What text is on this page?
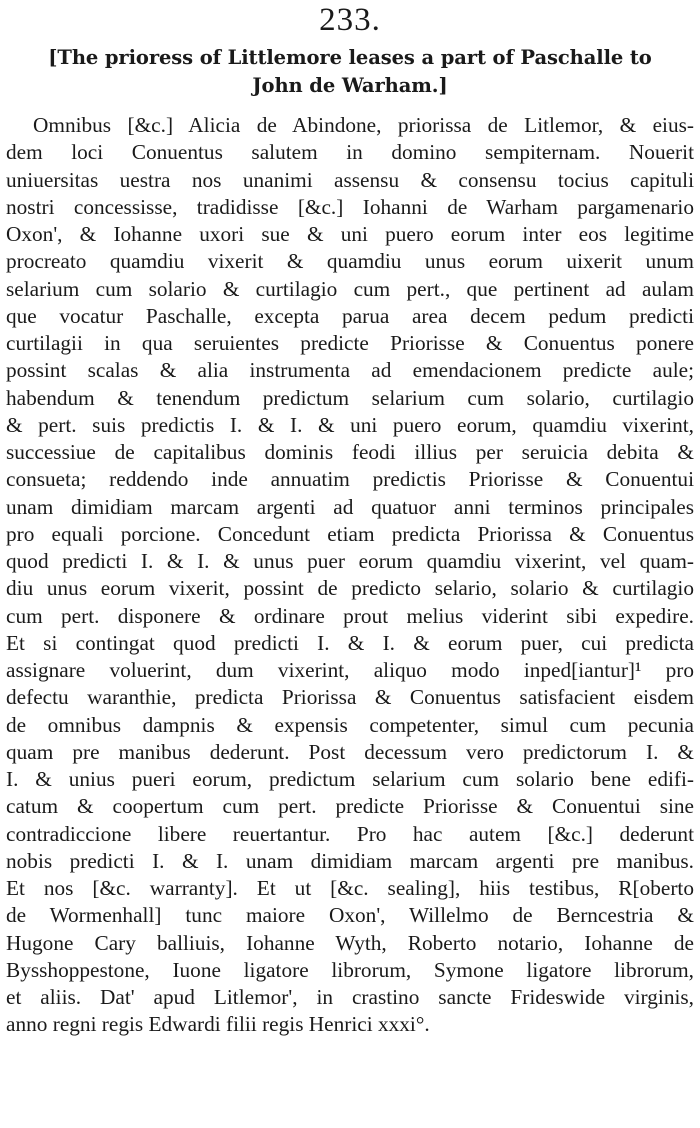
233.
[The prioress of Littlemore leases a part of Paschalle to
John de Warham.]
Omnibus [&c.] Alicia de Abindone, priorissa de Litlemor, & eius-
dem loci Conuentus salutem in domino sempiternam. Nouerit
uniuersitas uestra nos unanimi assensu & consensu tocius capituli
nostri concessisse, tradidisse [&c.] Iohanni de Warham pargamenario
Oxon', & Iohanne uxori sue & uni puero eorum inter eos legitime
procreato quamdiu vixerit & quamdiu unus eorum uixerit unum
selarium cum solario & curtilagio cum pert., que pertinent ad aulam
que vocatur Paschalle, excepta parua area decem pedum predicti
curtilagii in qua seruientes predicte Priorisse & Conuentus ponere
possint scalas & alia instrumenta ad emendacionem predicte aule;
habendum & tenendum predictum selarium cum solario, curtilagio
& pert. suis predictis I. & I. & uni puero eorum, quamdiu vixerint,
successiue de capitalibus dominis feodi illius per seruicia debita &
consueta; reddendo inde annuatim predictis Priorisse & Conuentui
unam dimidiam marcam argenti ad quatuor anni terminos principales
pro equali porcione. Concedunt etiam predicta Priorissa & Conuentus
quod predicti I. & I. & unus puer eorum quamdiu vixerint, vel quam-
diu unus eorum vixerit, possint de predicto selario, solario & curtilagio
cum pert. disponere & ordinare prout melius viderint sibi expedire.
Et si contingat quod predicti I. & I. & eorum puer, cui predicta
assignare voluerint, dum vixerint, aliquo modo inped[iantur]¹ pro
defectu waranthie, predicta Priorissa & Conuentus satisfacient eisdem
de omnibus dampnis & expensis competenter, simul cum pecunia
quam pre manibus dederunt. Post decessum vero predictorum I. &
I. & unius pueri eorum, predictum selarium cum solario bene edifi-
catum & coopertum cum pert. predicte Priorisse & Conuentui sine
contradiccione libere reuertantur. Pro hac autem [&c.] dederunt
nobis predicti I. & I. unam dimidiam marcam argenti pre manibus.
Et nos [&c. warranty]. Et ut [&c. sealing], hiis testibus, R[oberto
de Wormenhall] tunc maiore Oxon', Willelmo de Berncestria &
Hugone Cary balliuis, Iohanne Wyth, Roberto notario, Iohanne de
Bysshoppestone, Iuone ligatore librorum, Symone ligatore librorum,
et aliis. Dat' apud Litlemor', in crastino sancte Frideswide virginis,
anno regni regis Edwardi filii regis Henrici xxxi°.
